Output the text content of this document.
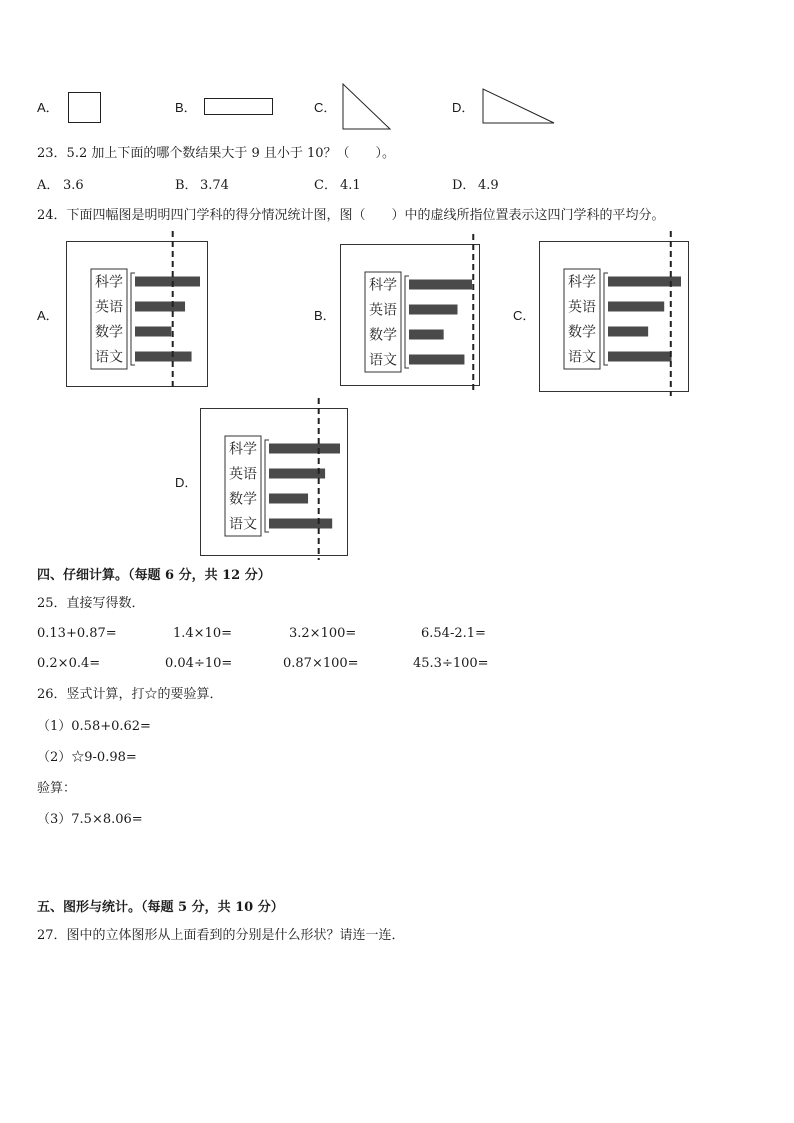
A．	B．	C．	D．
23．5.2 加上下面的哪个数结果大于 9 且小于 10？（　　）。
A． 3.6	B． 3.74	C． 4.1	D． 4.9
24．下面四幅图是明明四门学科的得分情况统计图，图（　　）中的虚线所指位置表示这四门学科的平均分。
A．
科学
英语
数学
语文
B．
科学
英语
数学
语文
C．
科学
英语
数学
语文
D．
科学
英语
数学
语文
四、仔细计算。（每题 6 分，共 12 分）
25．直接写得数．
0.13+0.87=	1.4×10=	3.2×100=	6.54-2.1=
0.2×0.4=	0.04÷10=	0.87×100=	45.3÷100=
26．竖式计算，打☆的要验算．
（1）0.58+0.62=
（2）☆9-0.98=
验算：
（3）7.5×8.06=
五、图形与统计。（每题 5 分，共 10 分）
27．图中的立体图形从上面看到的分别是什么形状？请连一连．
